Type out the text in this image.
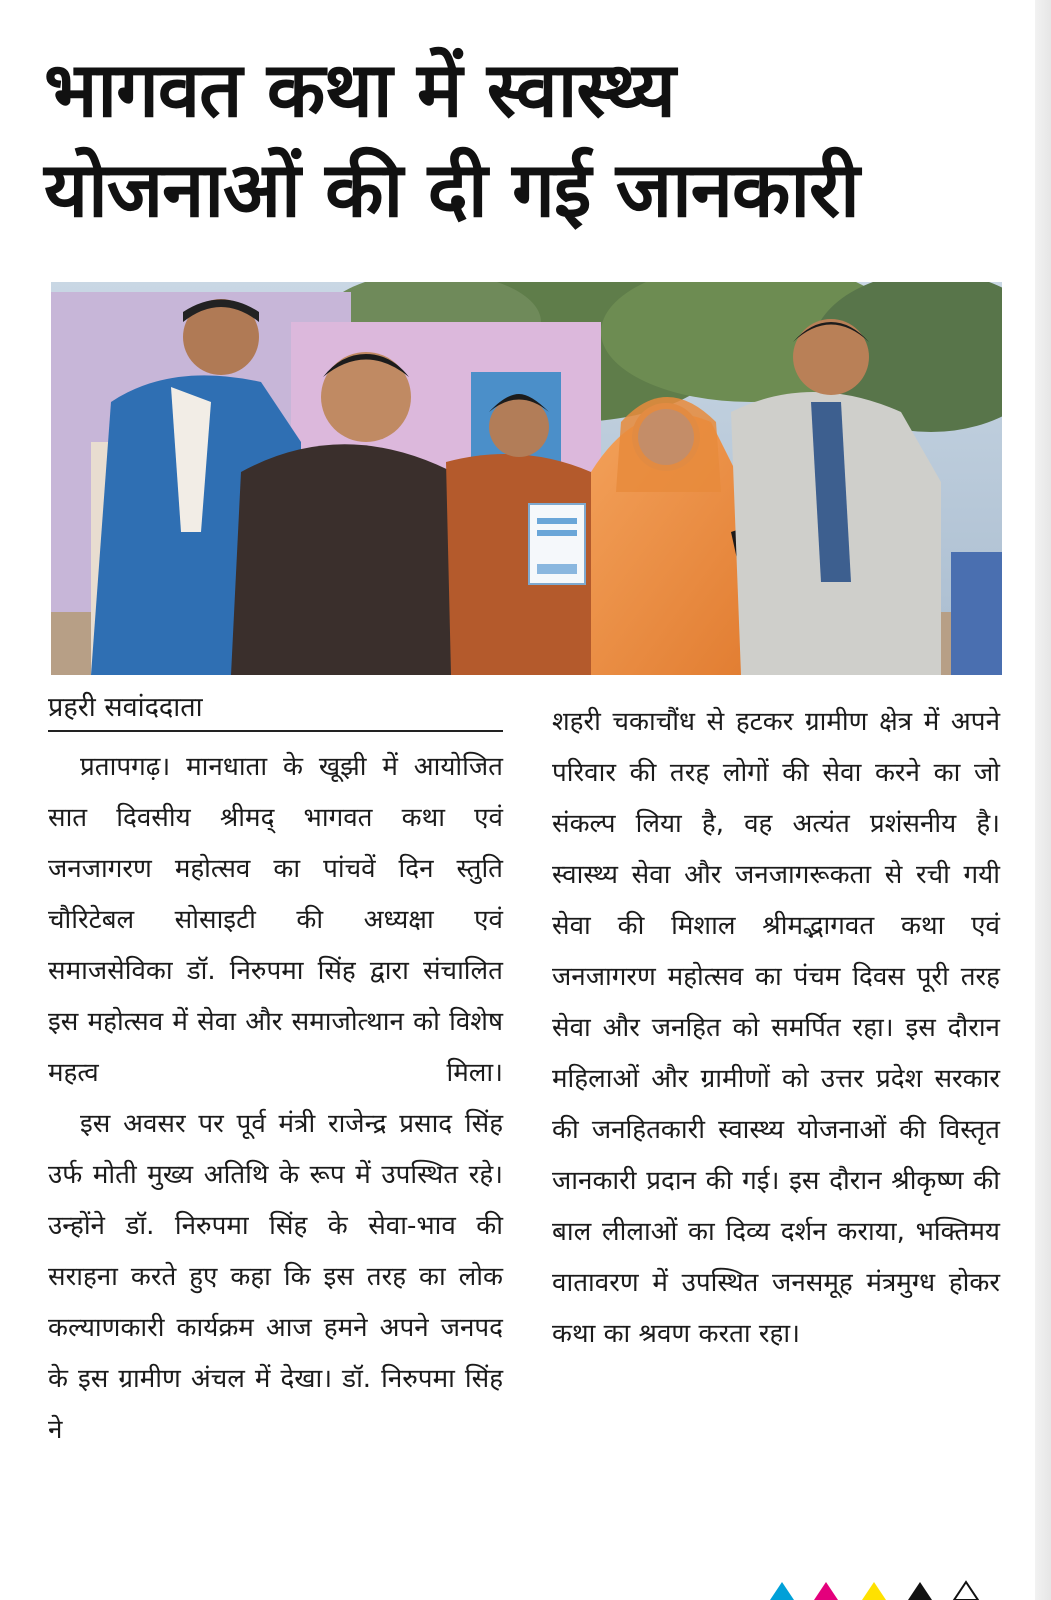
भागवत कथा में स्वास्थ्य
योजनाओं की दी गई जानकारी
प्रहरी सवांददाता

प्रतापगढ़। मानधाता के खूझी में आयोजित सात दिवसीय श्रीमद् भागवत कथा एवं जनजागरण महोत्सव का पांचवें दिन स्तुति चौरिटेबल सोसाइटी की अध्यक्षा एवं समाजसेविका डॉ. निरुपमा सिंह द्वारा संचालित इस महोत्सव में सेवा और समाजोत्थान को विशेष महत्व मिला।

इस अवसर पर पूर्व मंत्री राजेन्द्र प्रसाद सिंह उर्फ मोती मुख्य अतिथि के रूप में उपस्थित रहे। उन्होंने डॉ. निरुपमा सिंह के सेवा-भाव की सराहना करते हुए कहा कि इस तरह का लोक कल्याणकारी कार्यक्रम आज हमने अपने जनपद के इस ग्रामीण अंचल में देखा। डॉ. निरुपमा सिंह ने

शहरी चकाचौंध से हटकर ग्रामीण क्षेत्र में अपने परिवार की तरह लोगों की सेवा करने का जो संकल्प लिया है, वह अत्यंत प्रशंसनीय है। स्वास्थ्य सेवा और जनजागरूकता से रची गयी सेवा की मिशाल श्रीमद्भागवत कथा एवं जनजागरण महोत्सव का पंचम दिवस पूरी तरह सेवा और जनहित को समर्पित रहा। इस दौरान महिलाओं और ग्रामीणों को उत्तर प्रदेश सरकार की जनहितकारी स्वास्थ्य योजनाओं की विस्तृत जानकारी प्रदान की गई। इस दौरान श्रीकृष्ण की बाल लीलाओं का दिव्य दर्शन कराया, भक्तिमय वातावरण में उपस्थित जनसमूह मंत्रमुग्ध होकर कथा का श्रवण करता रहा।
